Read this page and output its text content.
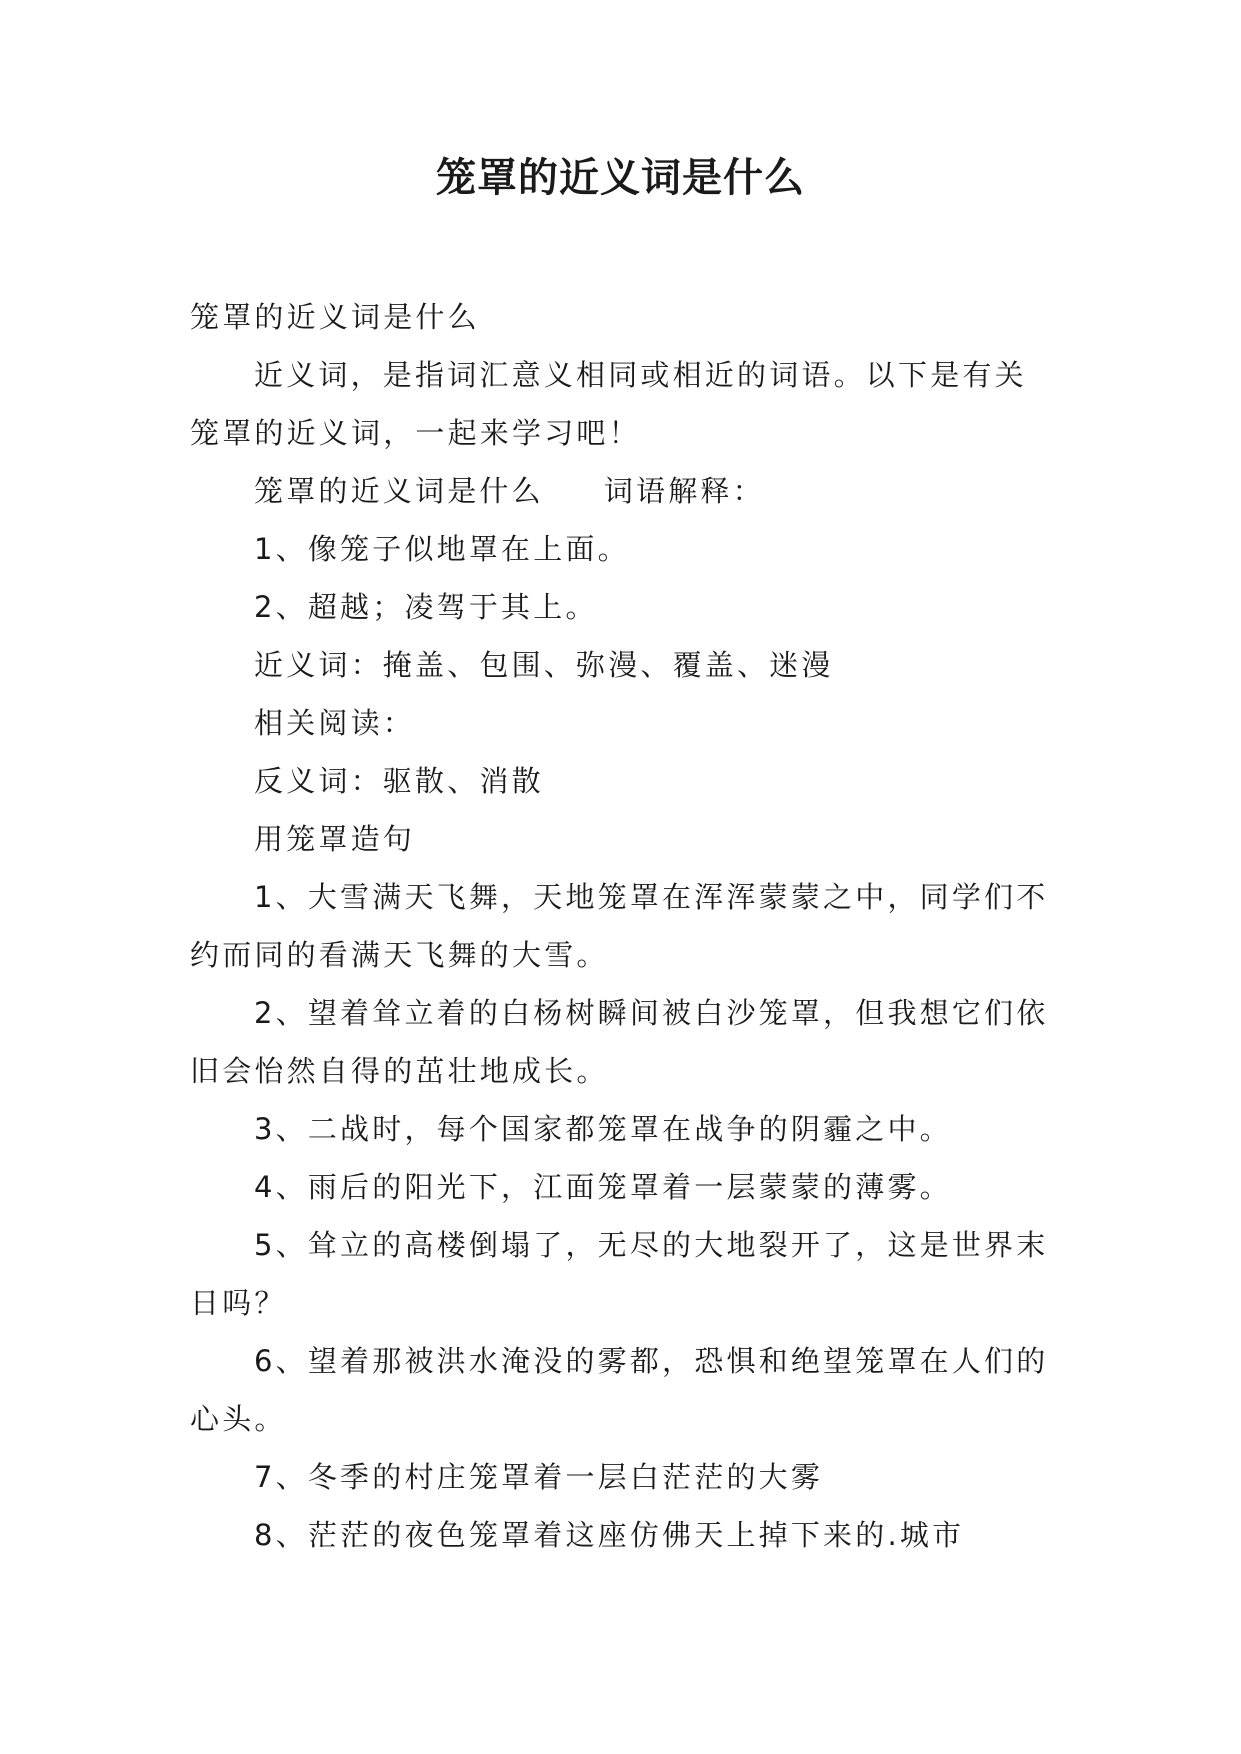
笼罩的近义词是什么

笼罩的近义词是什么

近义词，是指词汇意义相同或相近的词语。以下是有关笼罩的近义词，一起来学习吧！

笼罩的近义词是什么 词语解释：

1、像笼子似地罩在上面。

2、超越；凌驾于其上。

近义词：掩盖、包围、弥漫、覆盖、迷漫

相关阅读：

反义词：驱散、消散

用笼罩造句

1、大雪满天飞舞，天地笼罩在浑浑蒙蒙之中，同学们不约而同的看满天飞舞的大雪。

2、望着耸立着的白杨树瞬间被白沙笼罩，但我想它们依旧会怡然自得的茁壮地成长。

3、二战时，每个国家都笼罩在战争的阴霾之中。

4、雨后的阳光下，江面笼罩着一层蒙蒙的薄雾。

5、耸立的高楼倒塌了，无尽的大地裂开了，这是世界末日吗？

6、望着那被洪水淹没的雾都，恐惧和绝望笼罩在人们的心头。

7、冬季的村庄笼罩着一层白茫茫的大雾

8、茫茫的夜色笼罩着这座仿佛天上掉下来的.城市
